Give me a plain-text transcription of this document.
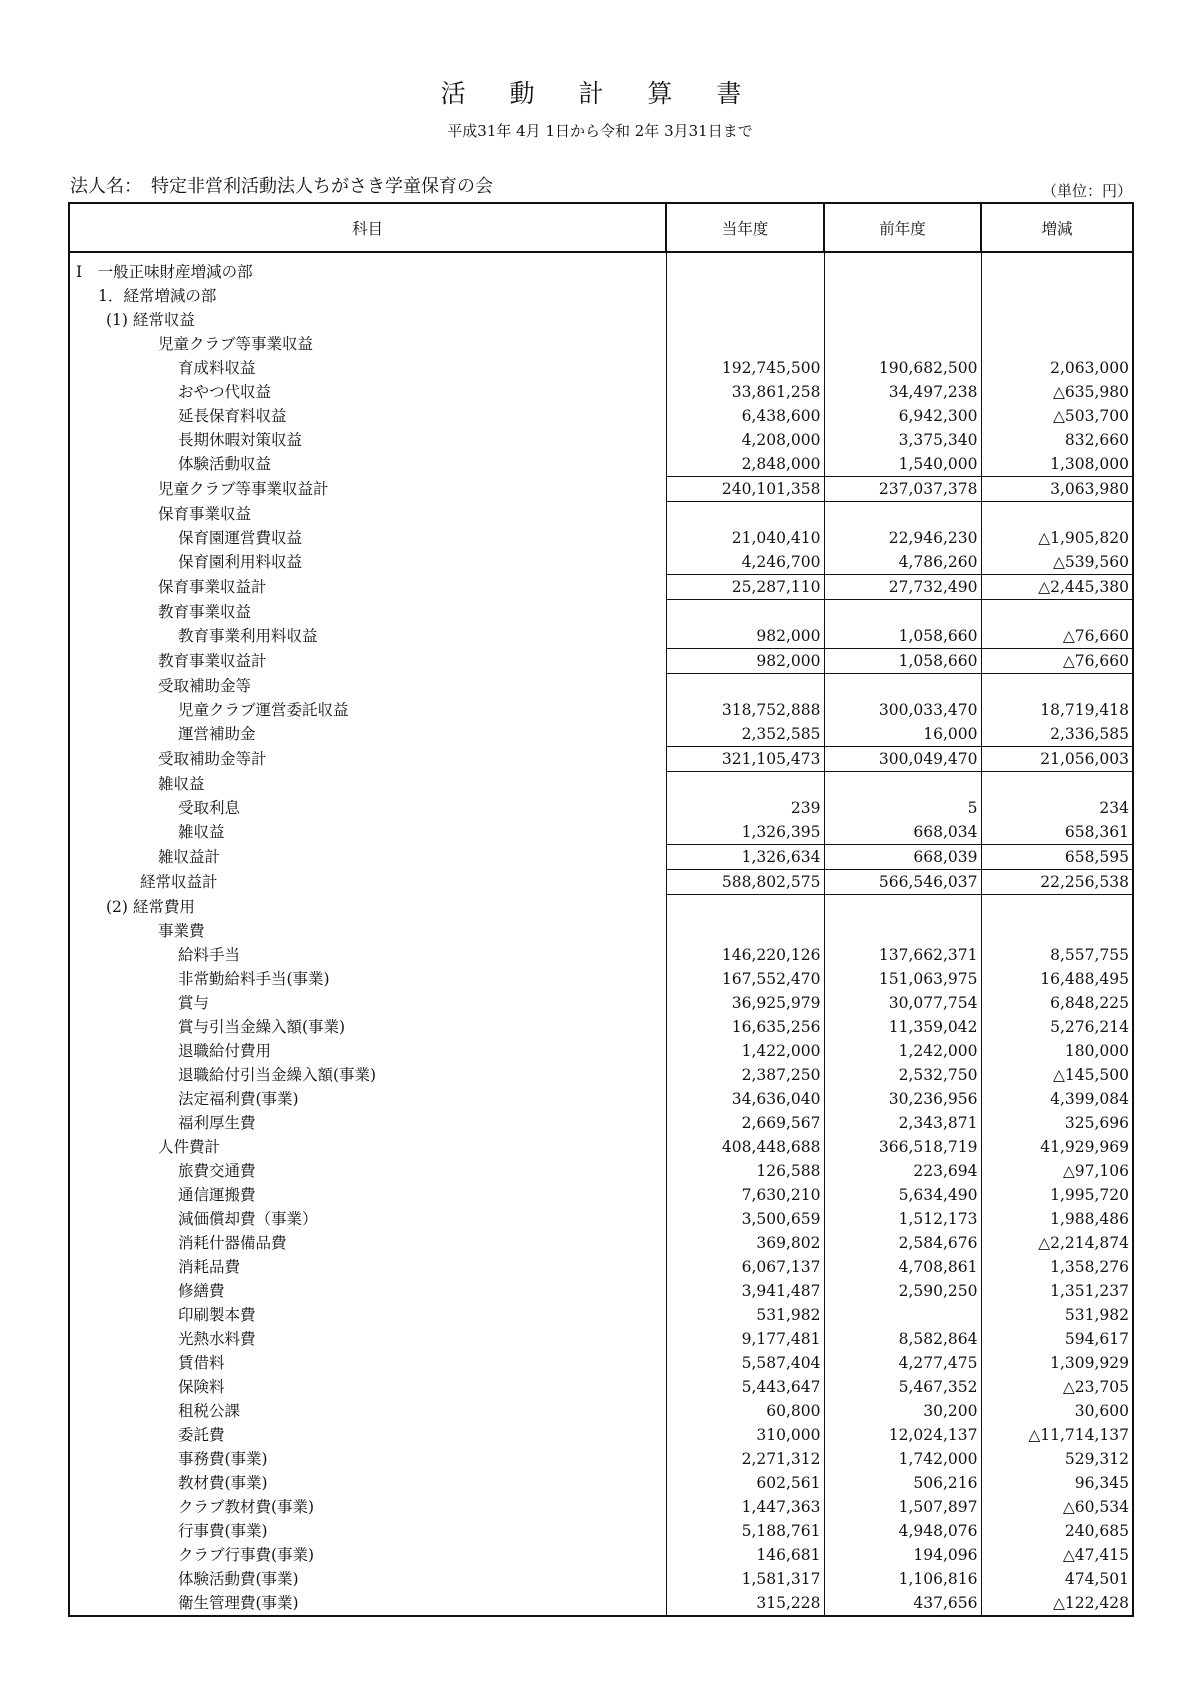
活 動 計 算 書
平成31年 4月 1日から令和 2年 3月31日まで
法人名：　特定非営利活動法人ちがさき学童保育の会	（単位：円）
科目	当年度	前年度	増減

I　一般正味財産増減の部			
1．経常増減の部			
(1) 経常収益			
児童クラブ等事業収益			
育成料収益	192,745,500	190,682,500	2,063,000
おやつ代収益	33,861,258	34,497,238	△635,980
延長保育料収益	6,438,600	6,942,300	△503,700
長期休暇対策収益	4,208,000	3,375,340	832,660
体験活動収益	2,848,000	1,540,000	1,308,000
児童クラブ等事業収益計	240,101,358	237,037,378	3,063,980
保育事業収益			
保育園運営費収益	21,040,410	22,946,230	△1,905,820
保育園利用料収益	4,246,700	4,786,260	△539,560
保育事業収益計	25,287,110	27,732,490	△2,445,380
教育事業収益			
教育事業利用料収益	982,000	1,058,660	△76,660
教育事業収益計	982,000	1,058,660	△76,660
受取補助金等			
児童クラブ運営委託収益	318,752,888	300,033,470	18,719,418
運営補助金	2,352,585	16,000	2,336,585
受取補助金等計	321,105,473	300,049,470	21,056,003
雑収益			
受取利息	239	5	234
雑収益	1,326,395	668,034	658,361
雑収益計	1,326,634	668,039	658,595
経常収益計	588,802,575	566,546,037	22,256,538
(2) 経常費用			
事業費			
給料手当	146,220,126	137,662,371	8,557,755
非常勤給料手当(事業)	167,552,470	151,063,975	16,488,495
賞与	36,925,979	30,077,754	6,848,225
賞与引当金繰入額(事業)	16,635,256	11,359,042	5,276,214
退職給付費用	1,422,000	1,242,000	180,000
退職給付引当金繰入額(事業)	2,387,250	2,532,750	△145,500
法定福利費(事業)	34,636,040	30,236,956	4,399,084
福利厚生費	2,669,567	2,343,871	325,696
人件費計	408,448,688	366,518,719	41,929,969
旅費交通費	126,588	223,694	△97,106
通信運搬費	7,630,210	5,634,490	1,995,720
減価償却費（事業）	3,500,659	1,512,173	1,988,486
消耗什器備品費	369,802	2,584,676	△2,214,874
消耗品費	6,067,137	4,708,861	1,358,276
修繕費	3,941,487	2,590,250	1,351,237
印刷製本費	531,982		531,982
光熱水料費	9,177,481	8,582,864	594,617
賃借料	5,587,404	4,277,475	1,309,929
保険料	5,443,647	5,467,352	△23,705
租税公課	60,800	30,200	30,600
委託費	310,000	12,024,137	△11,714,137
事務費(事業)	2,271,312	1,742,000	529,312
教材費(事業)	602,561	506,216	96,345
クラブ教材費(事業)	1,447,363	1,507,897	△60,534
行事費(事業)	5,188,761	4,948,076	240,685
クラブ行事費(事業)	146,681	194,096	△47,415
体験活動費(事業)	1,581,317	1,106,816	474,501
衛生管理費(事業)	315,228	437,656	△122,428
